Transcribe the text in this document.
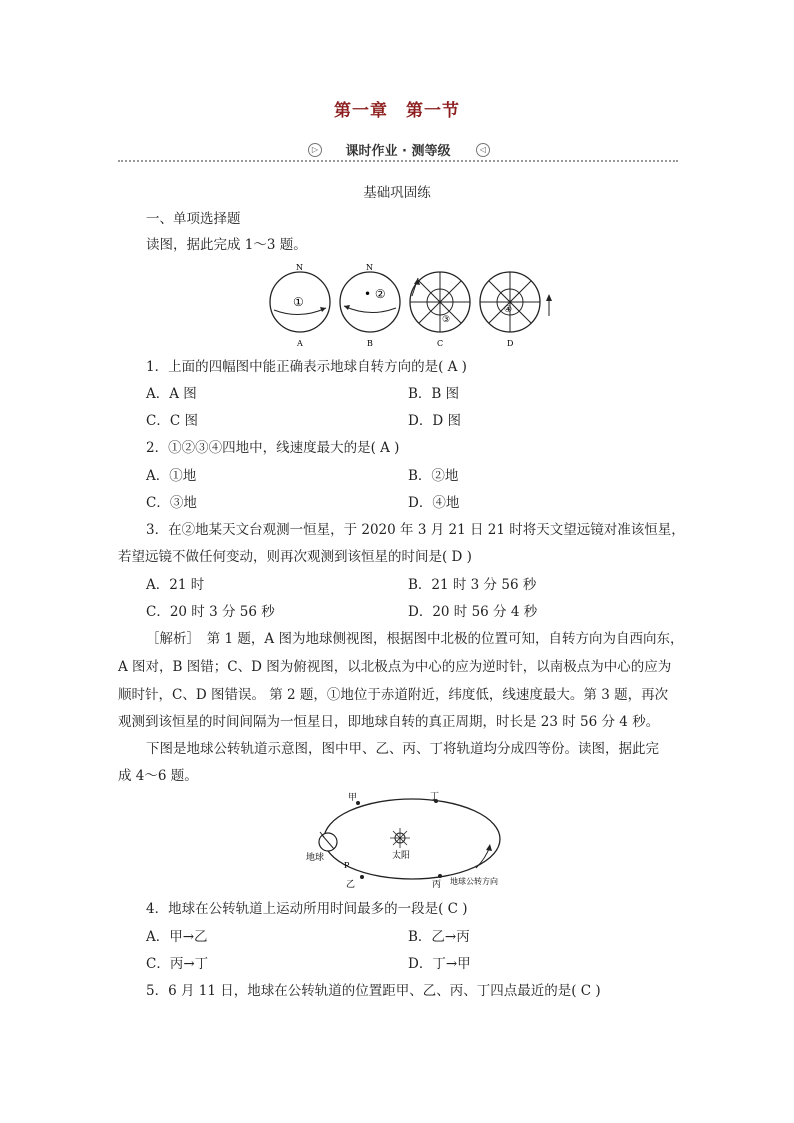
第一章　第一节
▷	课时作业 · 测等级	◁
基础巩固练
一、单项选择题
读图，据此完成 1～3 题。
N
①
A
N
• ②
B
③
C
④
D
1．上面的四幅图中能正确表示地球自转方向的是( A )
A．A 图	B．B 图
C．C 图	D．D 图
2．①②③④四地中，线速度最大的是( A )
A．①地	B．②地
C．③地	D．④地
3．在②地某天文台观测一恒星，于 2020 年 3 月 21 日 21 时将天文望远镜对准该恒星，
若望远镜不做任何变动，则再次观测到该恒星的时间是( D )
A．21 时	B．21 时 3 分 56 秒
C．20 时 3 分 56 秒	D．20 时 56 分 4 秒
［解析］　第 1 题，A 图为地球侧视图，根据图中北极的位置可知，自转方向为自西向东，
A 图对，B 图错；C、D 图为俯视图，以北极点为中心的应为逆时针，以南极点为中心的应为
顺时针，C、D 图错误。 第 2 题，①地位于赤道附近，纬度低，线速度最大。第 3 题，再次
观测到该恒星的时间间隔为一恒星日，即地球自转的真正周期，时长是 23 时 56 分 4 秒。
下图是地球公转轨道示意图，图中甲、乙、丙、丁将轨道均分成四等份。读图，据此完
成 4～6 题。
甲	丁
乙	丙
地球	太阳
P
地球公转方向
4．地球在公转轨道上运动所用时间最多的一段是( C )
A．甲→乙	B．乙→丙
C．丙→丁	D．丁→甲
5．6 月 11 日，地球在公转轨道的位置距甲、乙、丙、丁四点最近的是( C )
